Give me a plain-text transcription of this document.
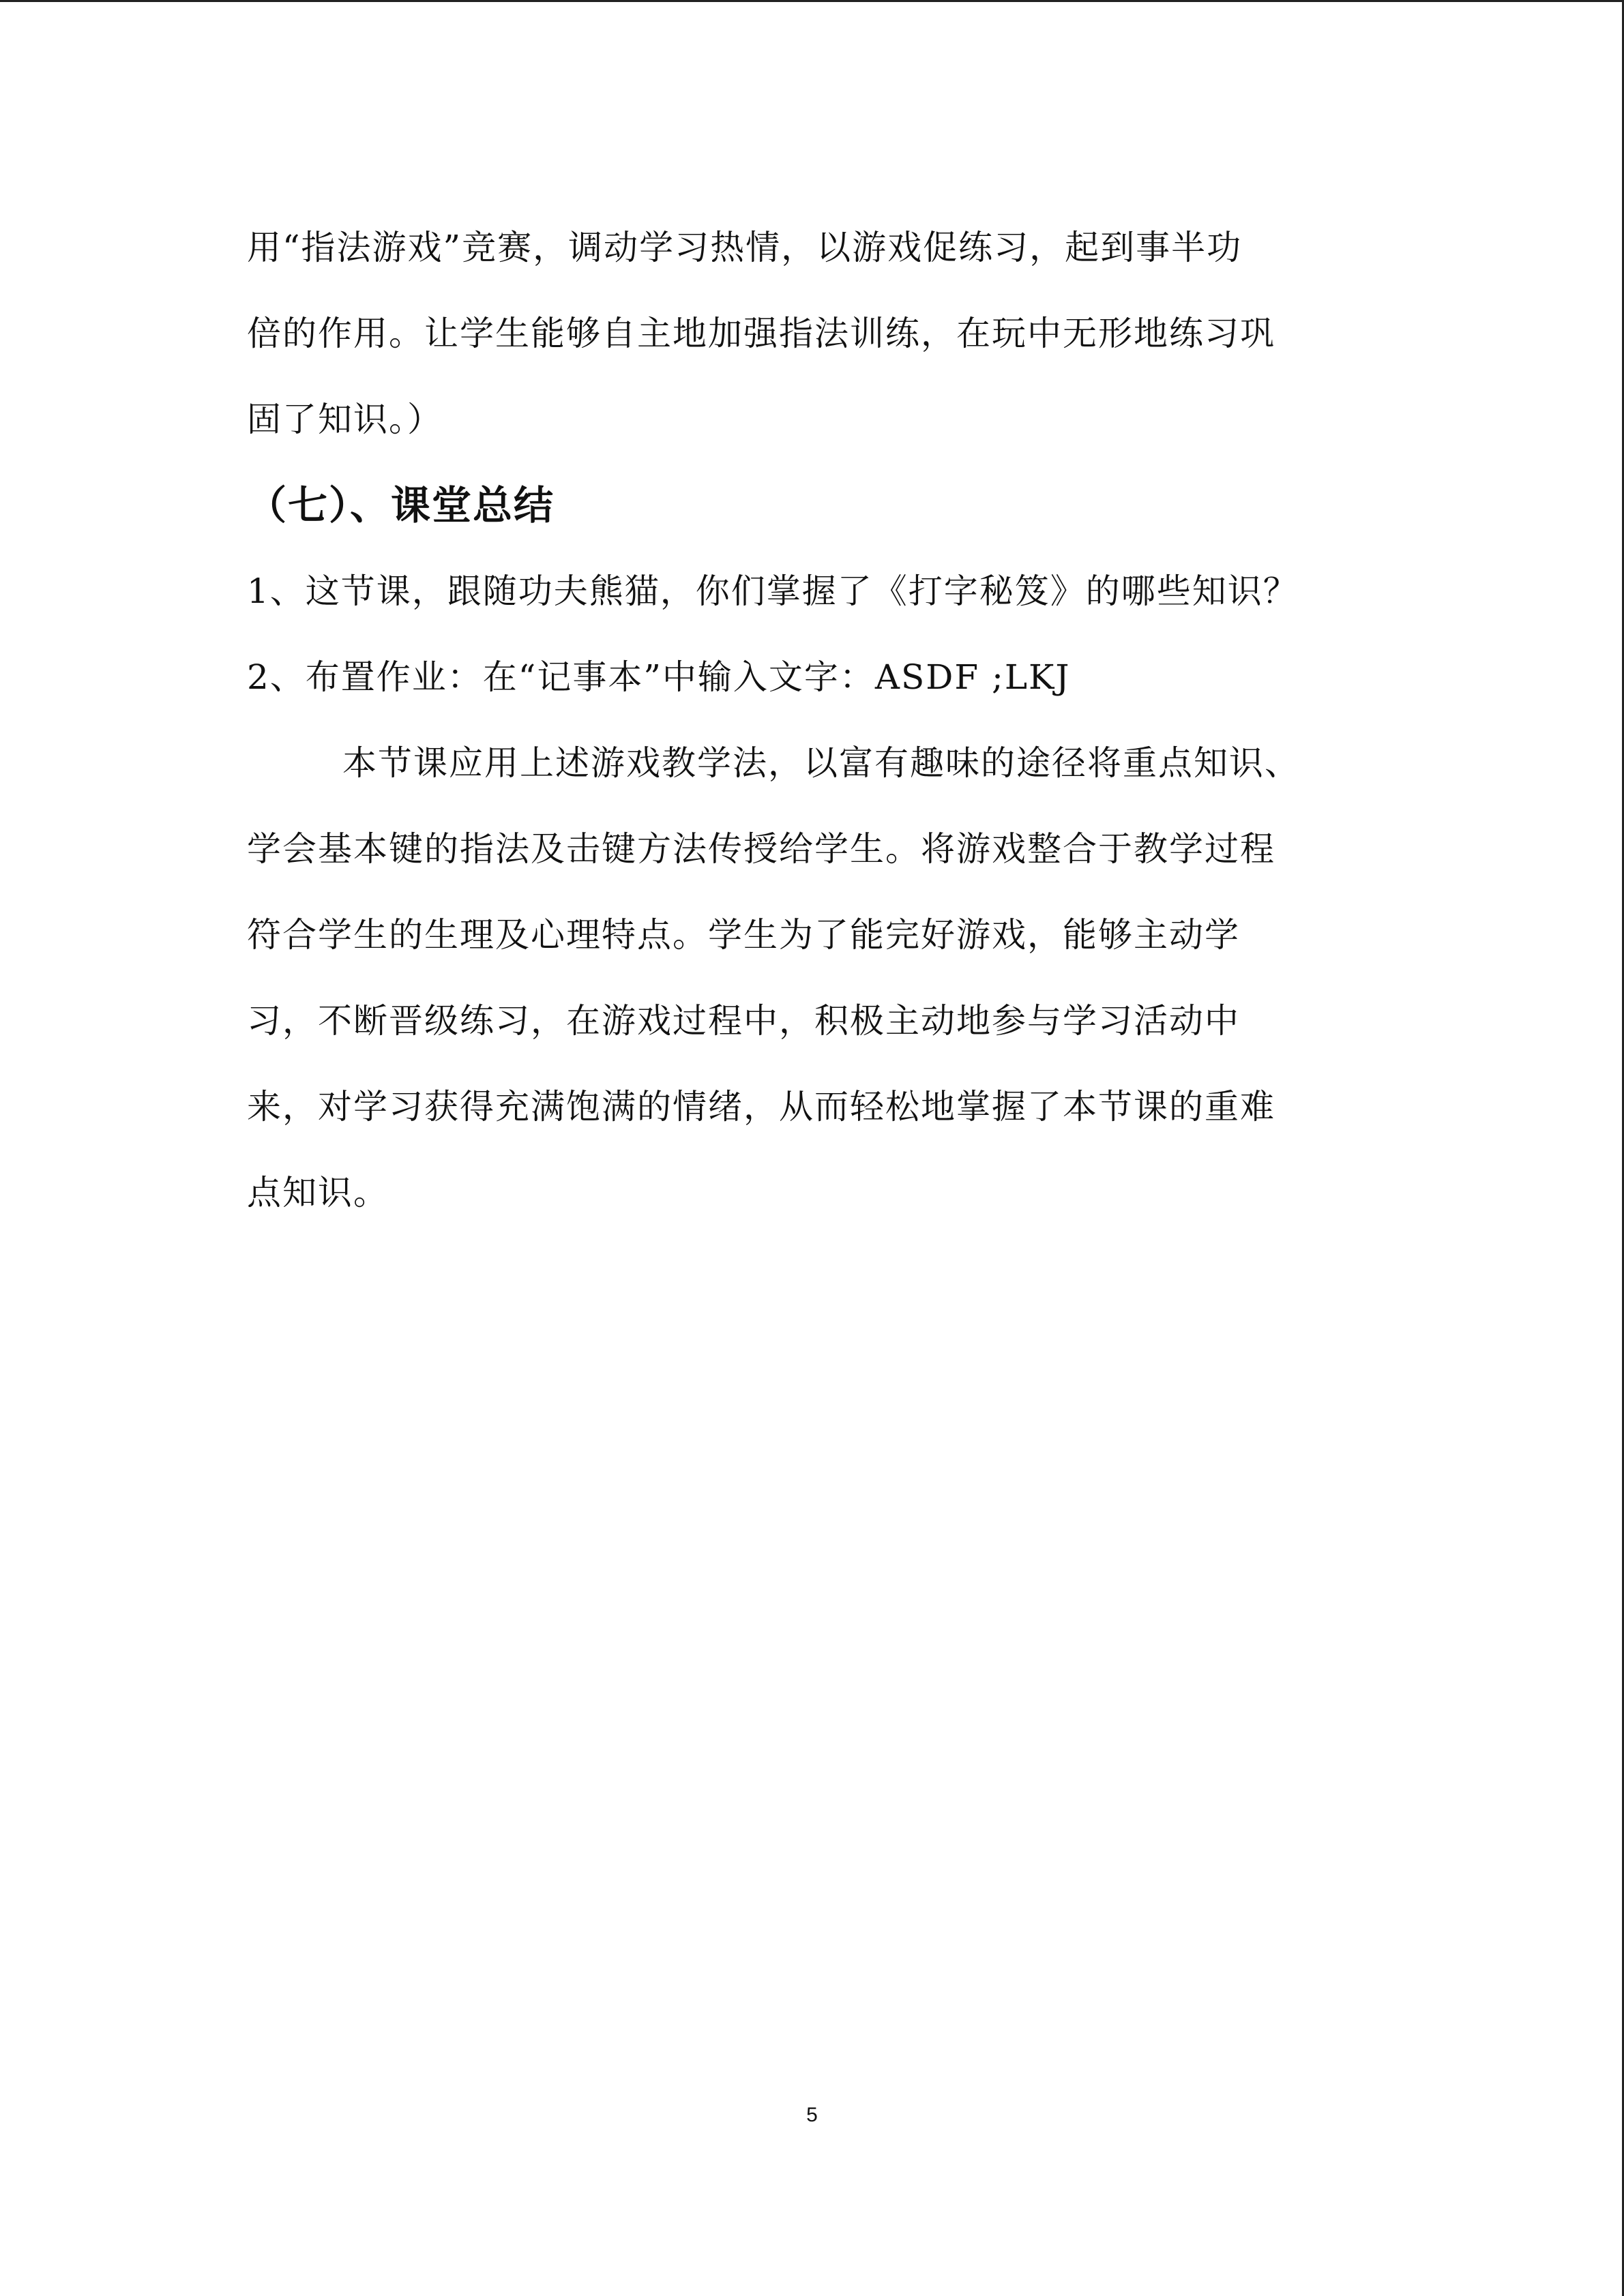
用“指法游戏”竞赛，调动学习热情，以游戏促练习，起到事半功
倍的作用。让学生能够自主地加强指法训练，在玩中无形地练习巩
固了知识。）
（七）、课堂总结
1、这节课，跟随功夫熊猫，你们掌握了《打字秘笈》的哪些知识？
2、布置作业：在“记事本”中输入文字：ASDF ;LKJ
本节课应用上述游戏教学法，以富有趣味的途径将重点知识、
学会基本键的指法及击键方法传授给学生。将游戏整合于教学过程
符合学生的生理及心理特点。学生为了能完好游戏，能够主动学
习，不断晋级练习，在游戏过程中，积极主动地参与学习活动中
来，对学习获得充满饱满的情绪，从而轻松地掌握了本节课的重难
点知识。
5
